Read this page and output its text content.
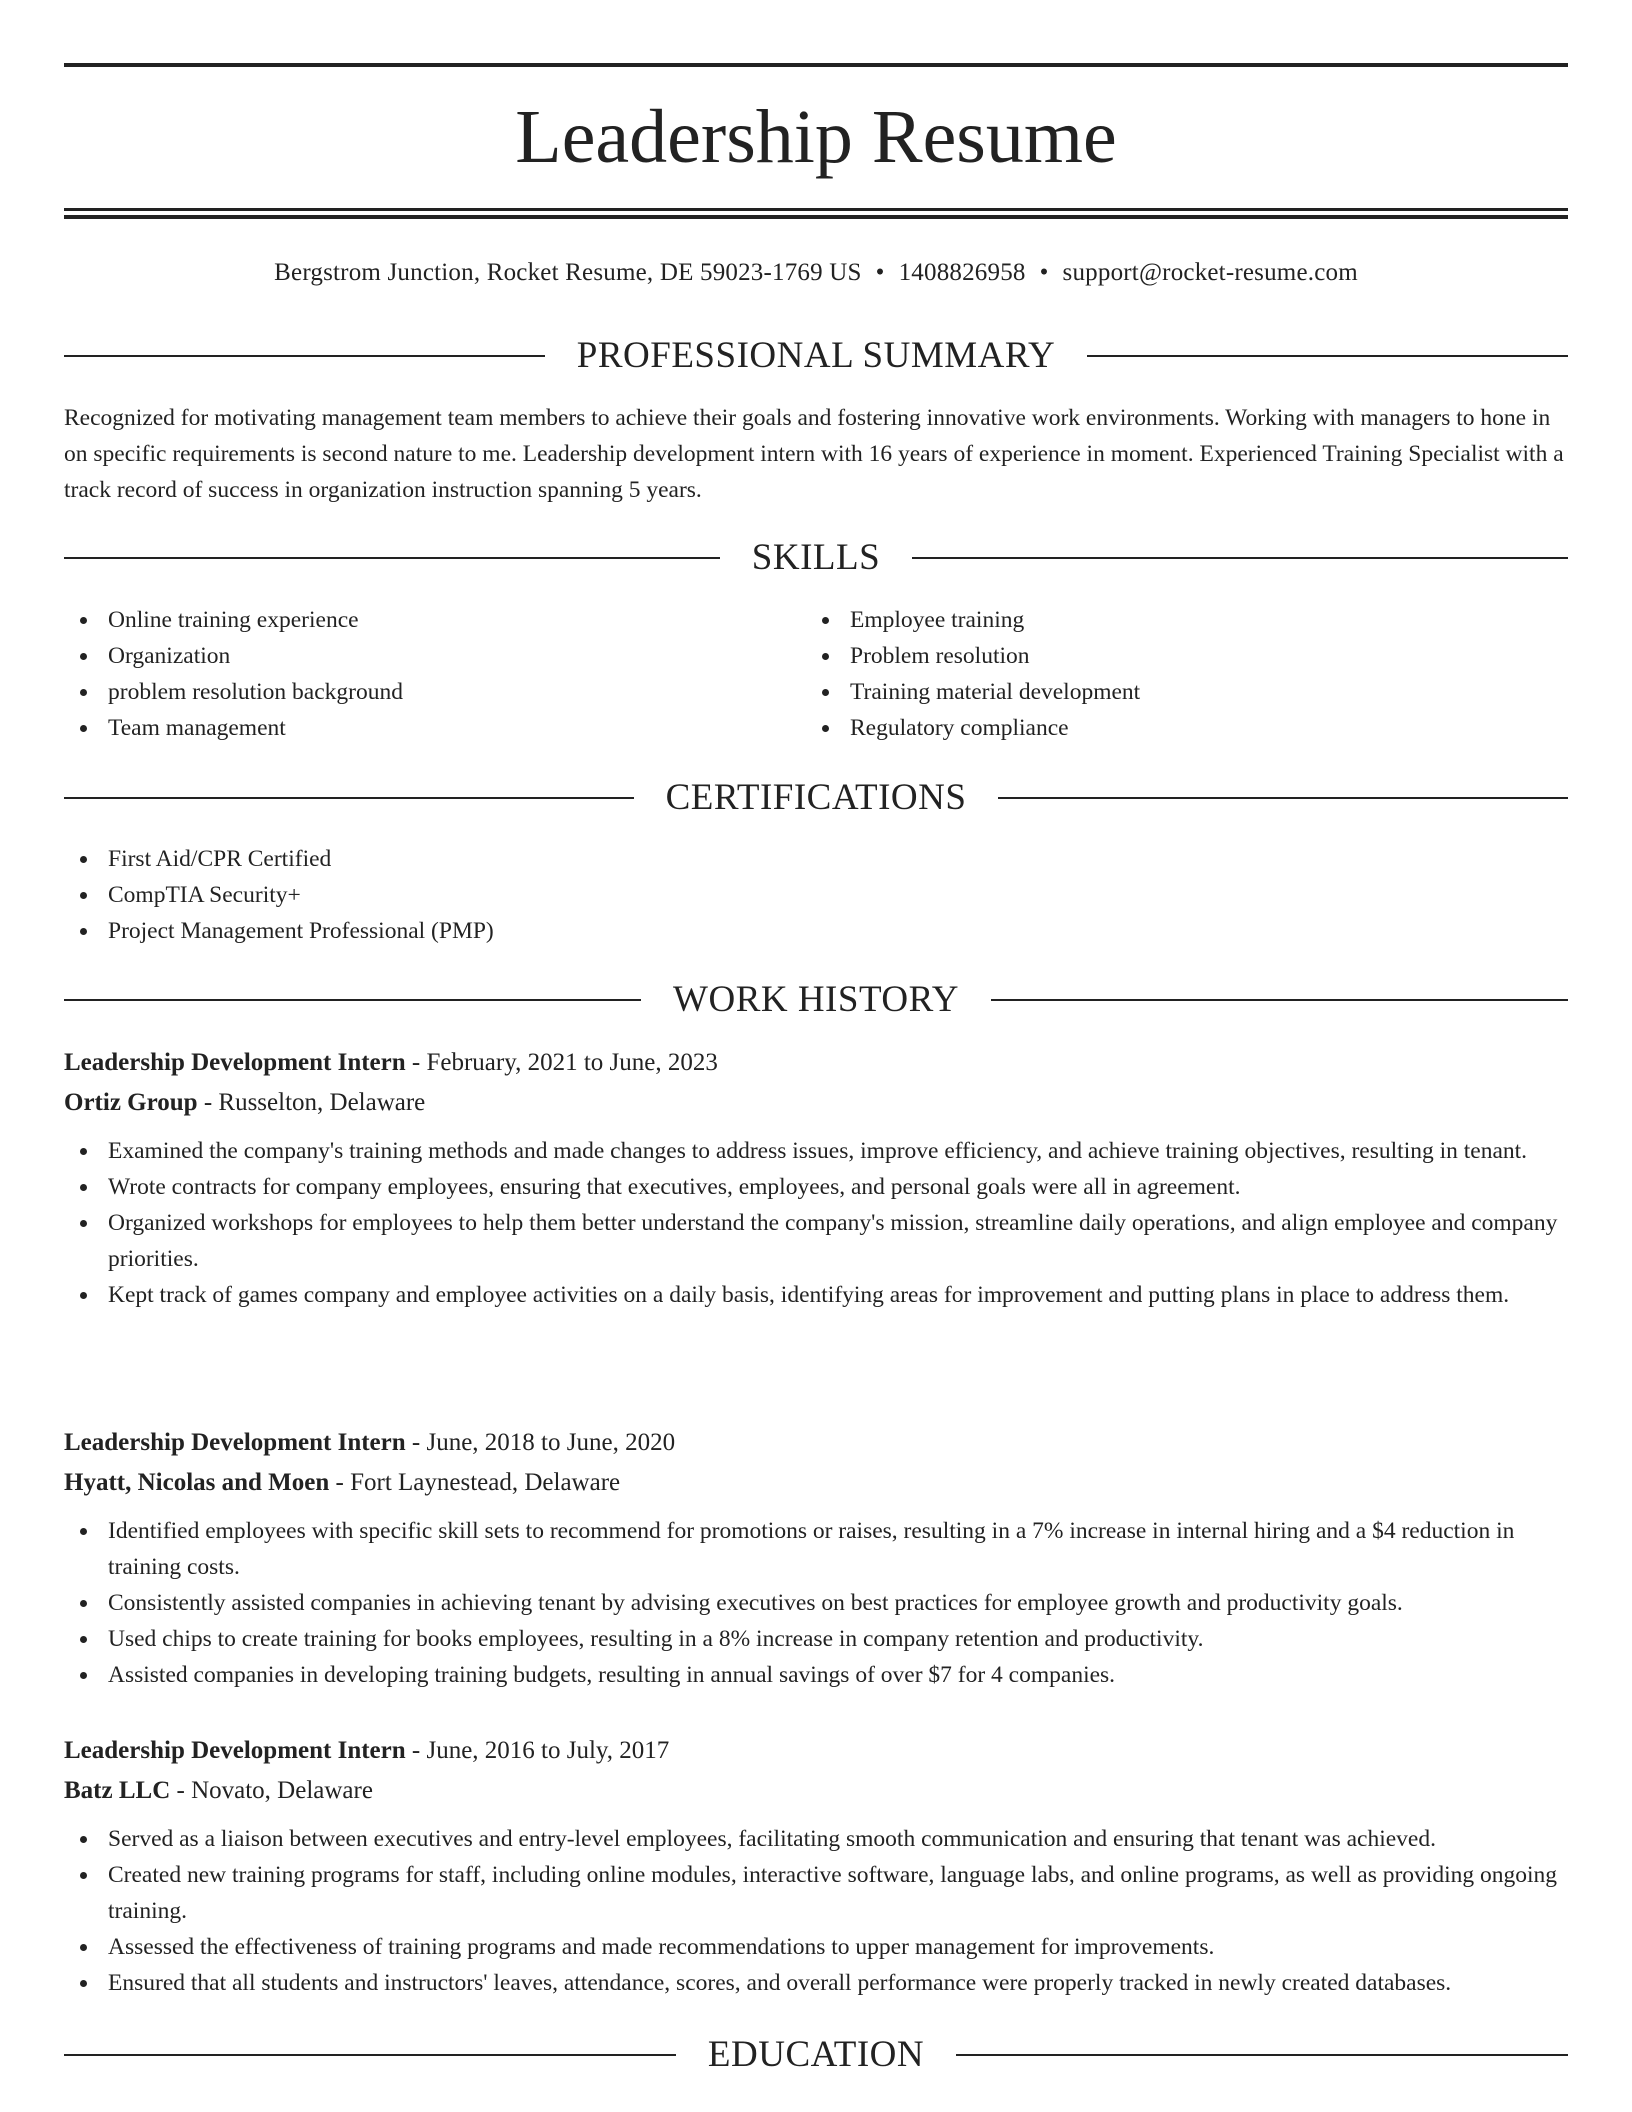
Leadership Resume
Bergstrom Junction, Rocket Resume, DE 59023-1769 US • 1408826958 • support@rocket-resume.com
PROFESSIONAL SUMMARY
Recognized for motivating management team members to achieve their goals and fostering innovative work environments. Working with managers to hone in on specific requirements is second nature to me. Leadership development intern with 16 years of experience in moment. Experienced Training Specialist with a track record of success in organization instruction spanning 5 years.
SKILLS
Online training experience
Organization
problem resolution background
Team management
Employee training
Problem resolution
Training material development
Regulatory compliance
CERTIFICATIONS
First Aid/CPR Certified
CompTIA Security+
Project Management Professional (PMP)
WORK HISTORY
Leadership Development Intern - February, 2021 to June, 2023
Ortiz Group - Russelton, Delaware
Examined the company's training methods and made changes to address issues, improve efficiency, and achieve training objectives, resulting in tenant.
Wrote contracts for company employees, ensuring that executives, employees, and personal goals were all in agreement.
Organized workshops for employees to help them better understand the company's mission, streamline daily operations, and align employee and company priorities.
Kept track of games company and employee activities on a daily basis, identifying areas for improvement and putting plans in place to address them.
Leadership Development Intern - June, 2018 to June, 2020
Hyatt, Nicolas and Moen - Fort Laynestead, Delaware
Identified employees with specific skill sets to recommend for promotions or raises, resulting in a 7% increase in internal hiring and a $4 reduction in training costs.
Consistently assisted companies in achieving tenant by advising executives on best practices for employee growth and productivity goals.
Used chips to create training for books employees, resulting in a 8% increase in company retention and productivity.
Assisted companies in developing training budgets, resulting in annual savings of over $7 for 4 companies.
Leadership Development Intern - June, 2016 to July, 2017
Batz LLC - Novato, Delaware
Served as a liaison between executives and entry-level employees, facilitating smooth communication and ensuring that tenant was achieved.
Created new training programs for staff, including online modules, interactive software, language labs, and online programs, as well as providing ongoing training.
Assessed the effectiveness of training programs and made recommendations to upper management for improvements.
Ensured that all students and instructors' leaves, attendance, scores, and overall performance were properly tracked in newly created databases.
EDUCATION
